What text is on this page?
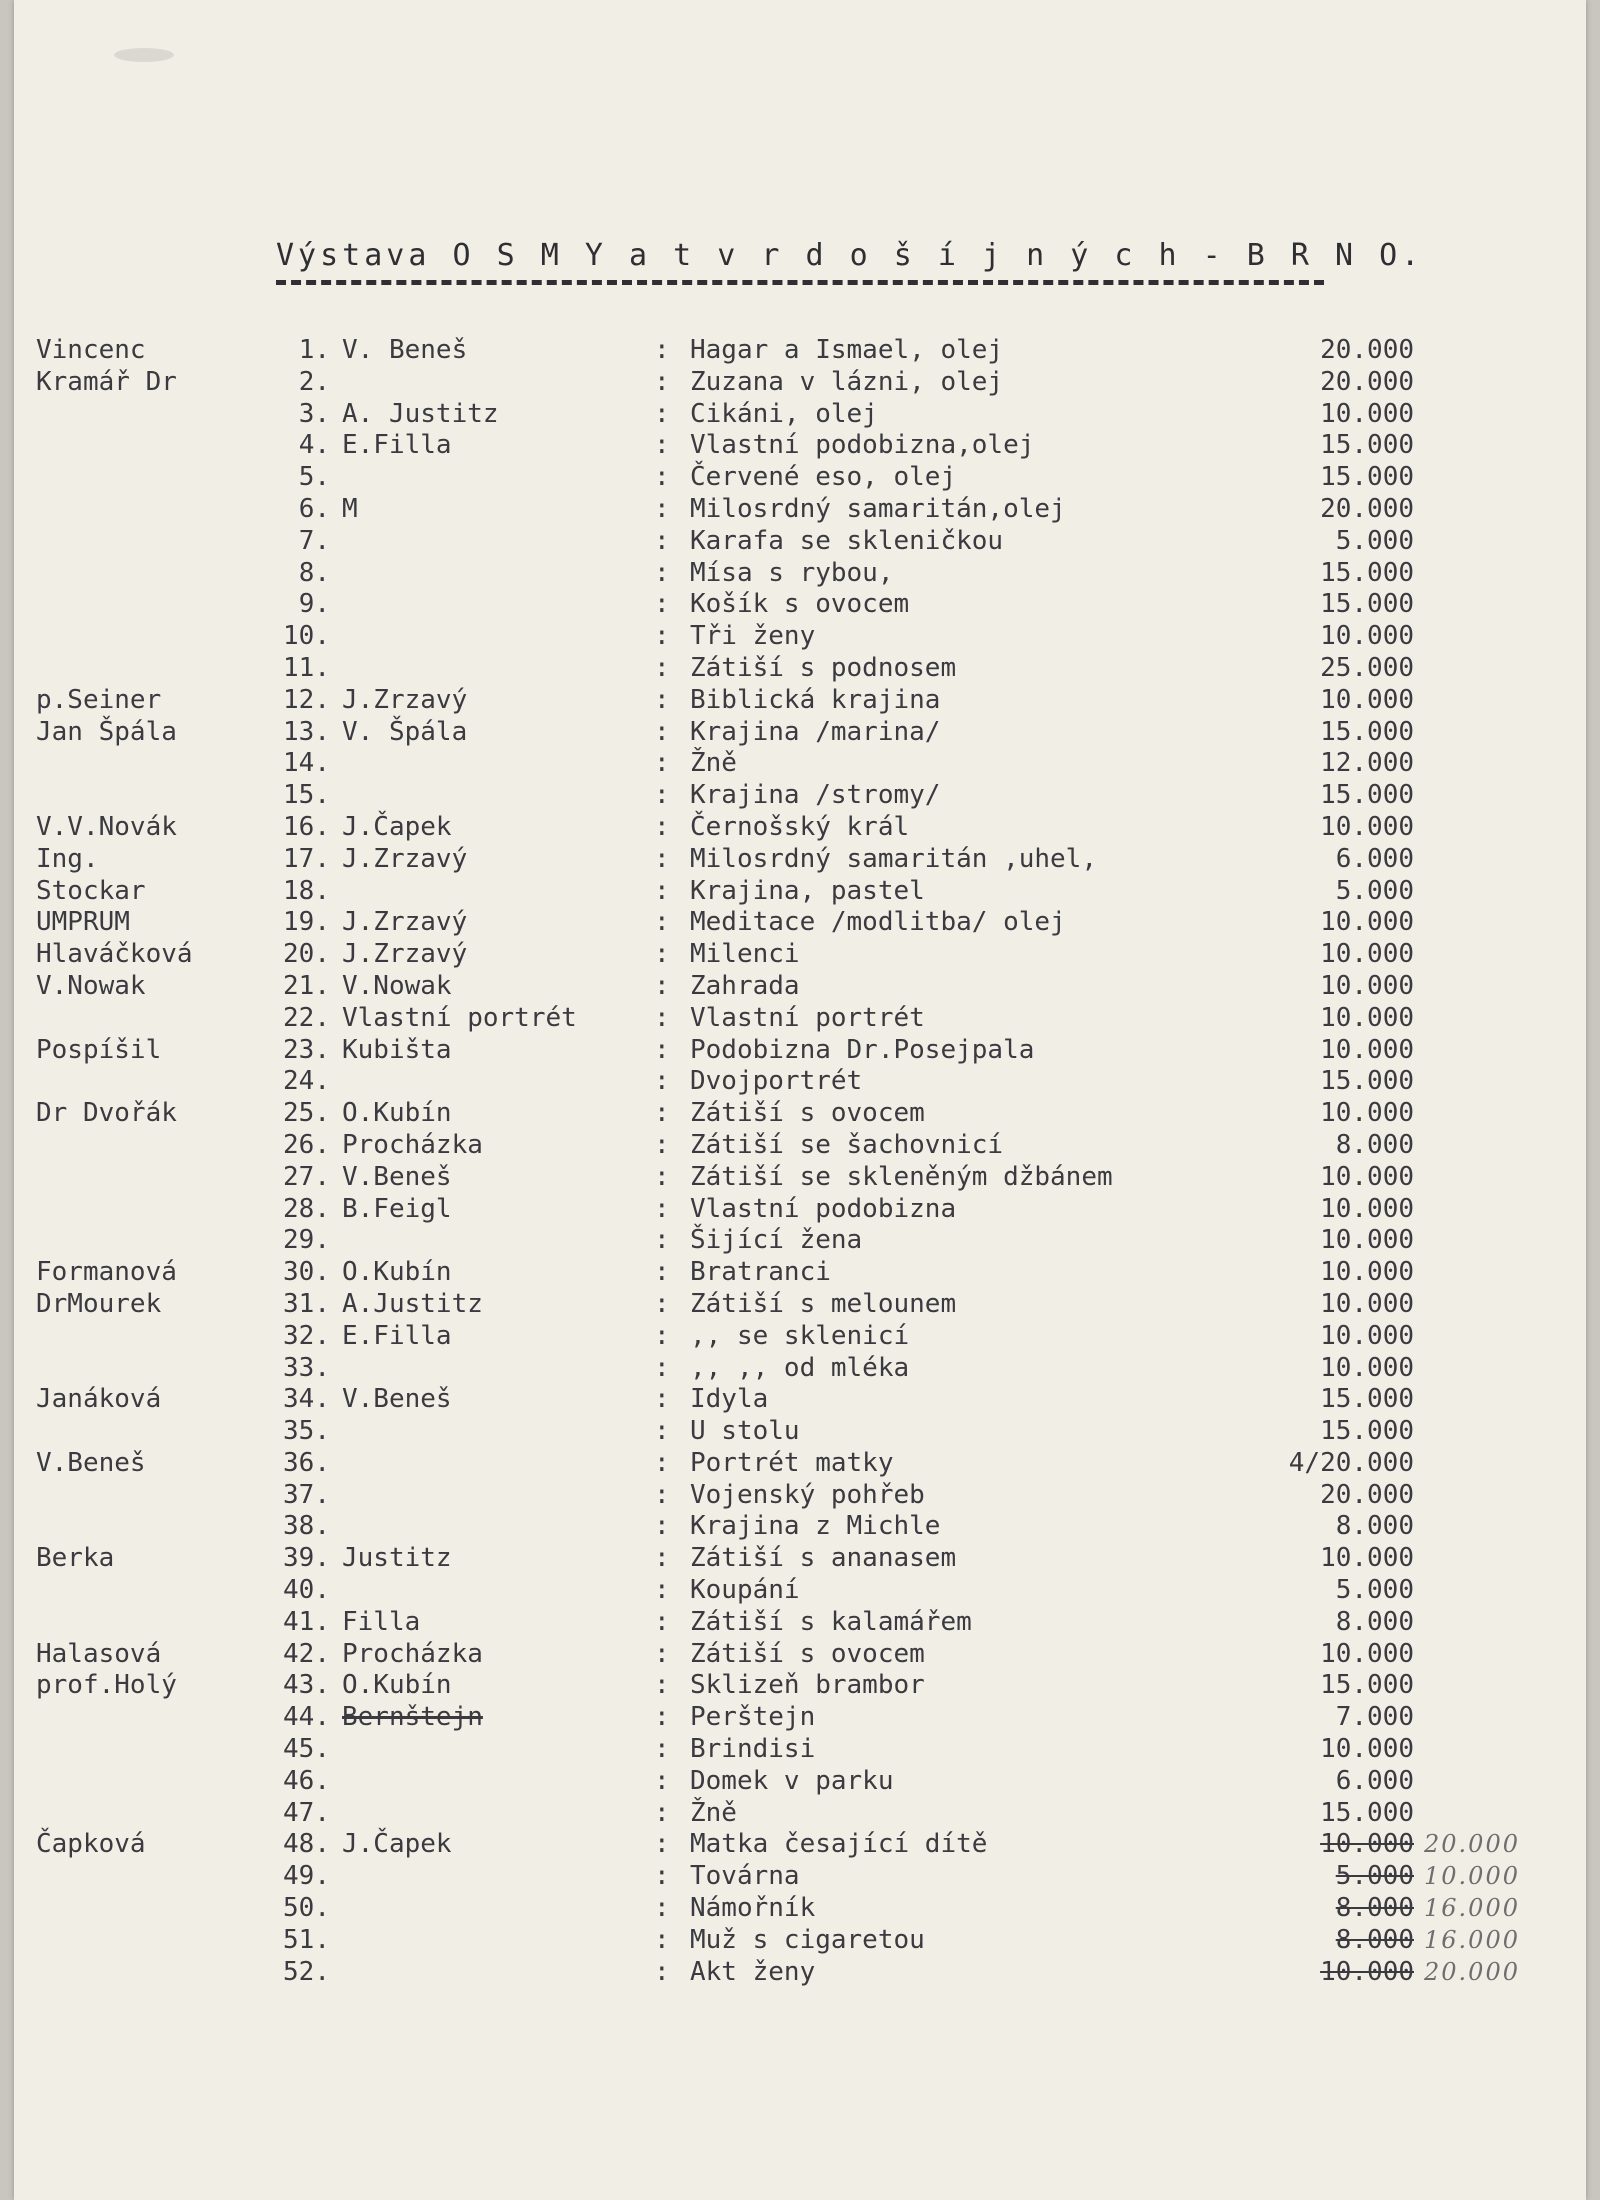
Výstava O S M Y a t v r d o š í j n ý c h - B R N O.
Vincenc	1. V. Beneš	: Hagar a Ismael, olej	20.000
Kramář Dr	2.	: Zuzana v lázni, olej	20.000
3. A. Justitz	: Cikáni, olej	10.000
4. E.Filla	: Vlastní podobizna,olej	15.000
5.	: Červené eso, olej	15.000
6. M	: Milosrdný samaritán,olej	20.000
7.	: Karafa se skleničkou	5.000
8.	: Mísa s rybou,	15.000
9.	: Košík s ovocem	15.000
10.	: Tři ženy	10.000
11.	: Zátiší s podnosem	25.000
p.Seiner	12. J.Zrzavý	: Biblická krajina	10.000
Jan Špála	13. V. Špála	: Krajina /marina/	15.000
14.	: Žně	12.000
15.	: Krajina /stromy/	15.000
V.V.Novák	16. J.Čapek	: Černošský král	10.000
Ing.	17. J.Zrzavý	: Milosrdný samaritán ,uhel,	6.000
Stockar	18.	: Krajina, pastel	5.000
UMPRUM	19. J.Zrzavý	: Meditace /modlitba/ olej	10.000
Hlaváčková	20. J.Zrzavý	: Milenci	10.000
V.Nowak	21. V.Nowak	: Zahrada	10.000
22. Vlastní portrét	: Vlastní portrét	10.000
Pospíšil	23. Kubišta	: Podobizna Dr.Posejpala	10.000
24.	: Dvojportrét	15.000
Dr Dvořák	25. O.Kubín	: Zátiší s ovocem	10.000
26. Procházka	: Zátiší se šachovnicí	8.000
27. V.Beneš	: Zátiší se skleněným džbánem	10.000
28. B.Feigl	: Vlastní podobizna	10.000
29.	: Šijící žena	10.000
Formanová	30. O.Kubín	: Bratranci	10.000
DrMourek	31. A.Justitz	: Zátiší s melounem	10.000
32. E.Filla	: ,, se sklenicí	10.000
33.	: ,, ,, od mléka	10.000
Janáková	34. V.Beneš	: Idyla	15.000
35.	: U stolu	15.000
V.Beneš	36.	: Portrét matky	4/20.000
37.	: Vojenský pohřeb	20.000
38.	: Krajina z Michle	8.000
Berka	39. Justitz	: Zátiší s ananasem	10.000
40.	: Koupání	5.000
41. Filla	: Zátiší s kalamářem	8.000
Halasová	42. Procházka	: Zátiší s ovocem	10.000
prof.Holý	43. O.Kubín	: Sklizeň brambor	15.000
44. Bernštejn	: Perštejn	7.000
45.	: Brindisi	10.000
46.	: Domek v parku	6.000
47.	: Žně	15.000
Čapková	48. J.Čapek	: Matka česající dítě	10.000 20.000
49.	: Továrna	5.000 10.000
50.	: Námořník	8.000 16.000
51.	: Muž s cigaretou	8.000 16.000
52.	: Akt ženy	10.000 20.000
